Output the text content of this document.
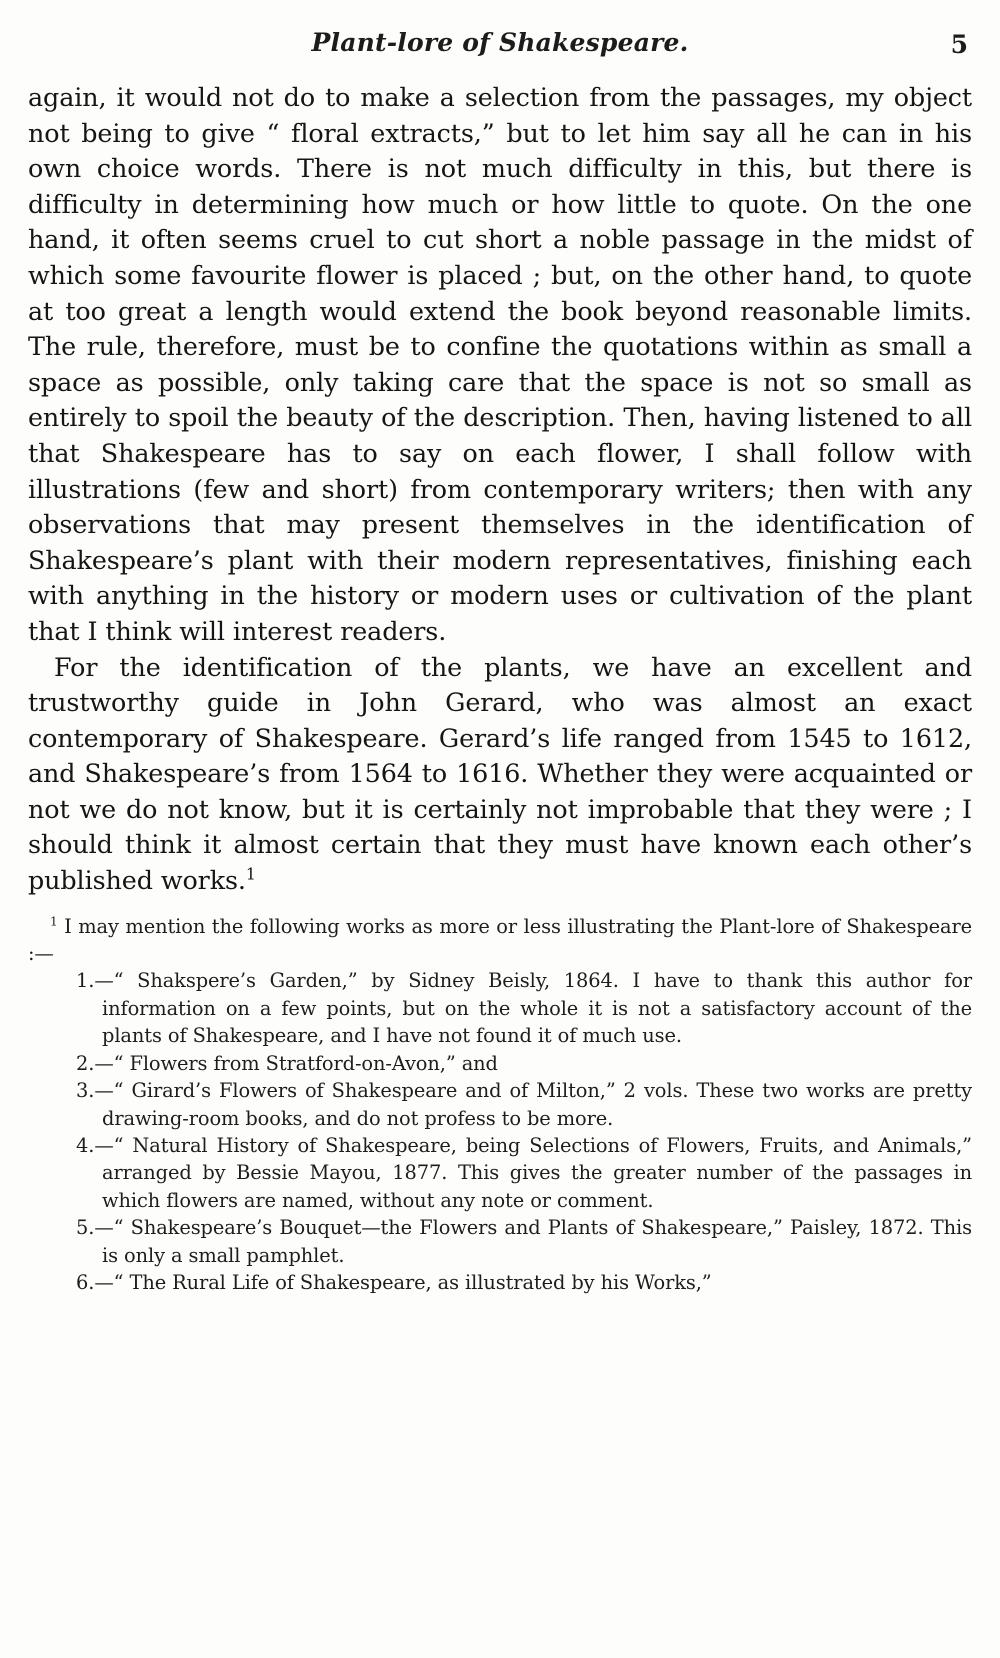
Plant-lore of Shakespeare.	5

again, it would not do to make a selection from the passages, my object not being to give “ floral extracts,” but to let him say all he can in his own choice words. There is not much difficulty in this, but there is difficulty in determining how much or how little to quote. On the one hand, it often seems cruel to cut short a noble passage in the midst of which some favourite flower is placed ; but, on the other hand, to quote at too great a length would extend the book beyond reasonable limits. The rule, therefore, must be to confine the quotations within as small a space as possible, only taking care that the space is not so small as entirely to spoil the beauty of the description. Then, having listened to all that Shakespeare has to say on each flower, I shall follow with illustrations (few and short) from contemporary writers; then with any observations that may present themselves in the identification of Shakespeare’s plant with their modern representatives, finishing each with anything in the history or modern uses or cultivation of the plant that I think will interest readers.

For the identification of the plants, we have an excellent and trustworthy guide in John Gerard, who was almost an exact contemporary of Shakespeare. Gerard’s life ranged from 1545 to 1612, and Shakespeare’s from 1564 to 1616. Whether they were acquainted or not we do not know, but it is certainly not improbable that they were ; I should think it almost certain that they must have known each other’s published works.$^1$

$^1$ I may mention the following works as more or less illustrating the Plant-lore of Shakespeare :—

1.—“ Shakspere’s Garden,” by Sidney Beisly, 1864. I have to thank this author for information on a few points, but on the whole it is not a satisfactory account of the plants of Shakespeare, and I have not found it of much use.
2.—“ Flowers from Stratford-on-Avon,” and
3.—“ Girard’s Flowers of Shakespeare and of Milton,” 2 vols. These two works are pretty drawing-room books, and do not profess to be more.
4.—“ Natural History of Shakespeare, being Selections of Flowers, Fruits, and Animals,” arranged by Bessie Mayou, 1877. This gives the greater number of the passages in which flowers are named, without any note or comment.
5.—“ Shakespeare’s Bouquet—the Flowers and Plants of Shakespeare,” Paisley, 1872. This is only a small pamphlet.
6.—“ The Rural Life of Shakespeare, as illustrated by his Works,”
